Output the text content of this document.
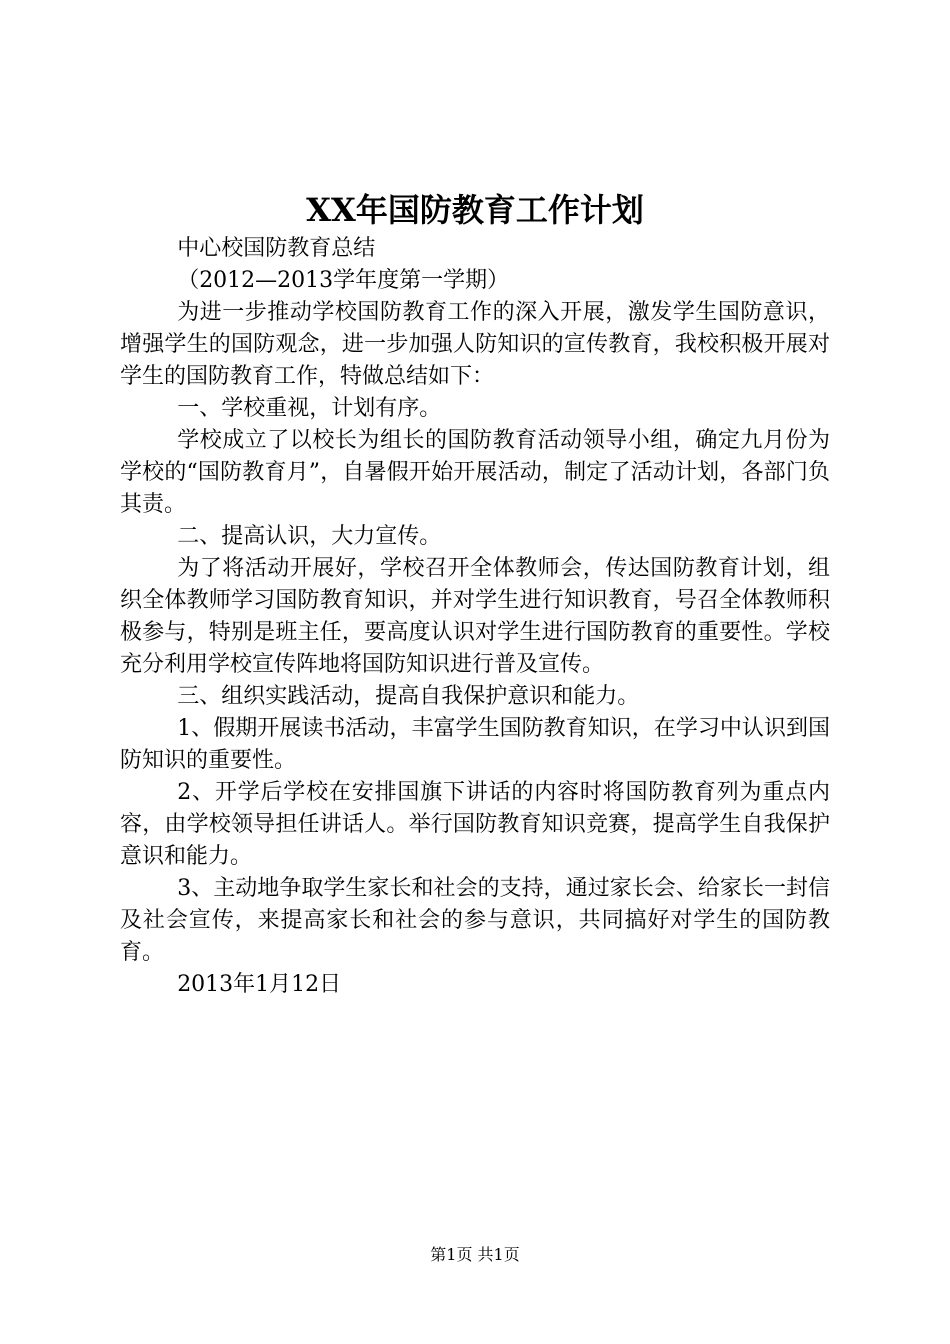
XX年国防教育工作计划

中心校国防教育总结

（2012—2013学年度第一学期）

为进一步推动学校国防教育工作的深入开展，激发学生国防意识，增强学生的国防观念，进一步加强人防知识的宣传教育，我校积极开展对学生的国防教育工作，特做总结如下：

一、学校重视，计划有序。

学校成立了以校长为组长的国防教育活动领导小组，确定九月份为学校的“国防教育月”，自暑假开始开展活动，制定了活动计划，各部门负其责。

二、提高认识，大力宣传。

为了将活动开展好，学校召开全体教师会，传达国防教育计划，组织全体教师学习国防教育知识，并对学生进行知识教育，号召全体教师积极参与，特别是班主任，要高度认识对学生进行国防教育的重要性。学校充分利用学校宣传阵地将国防知识进行普及宣传。

三、组织实践活动，提高自我保护意识和能力。

1、假期开展读书活动，丰富学生国防教育知识，在学习中认识到国防知识的重要性。

2、开学后学校在安排国旗下讲话的内容时将国防教育列为重点内容，由学校领导担任讲话人。举行国防教育知识竞赛，提高学生自我保护意识和能力。

3、主动地争取学生家长和社会的支持，通过家长会、给家长一封信及社会宣传，来提高家长和社会的参与意识，共同搞好对学生的国防教育。

2013年1月12日

第1页 共1页
